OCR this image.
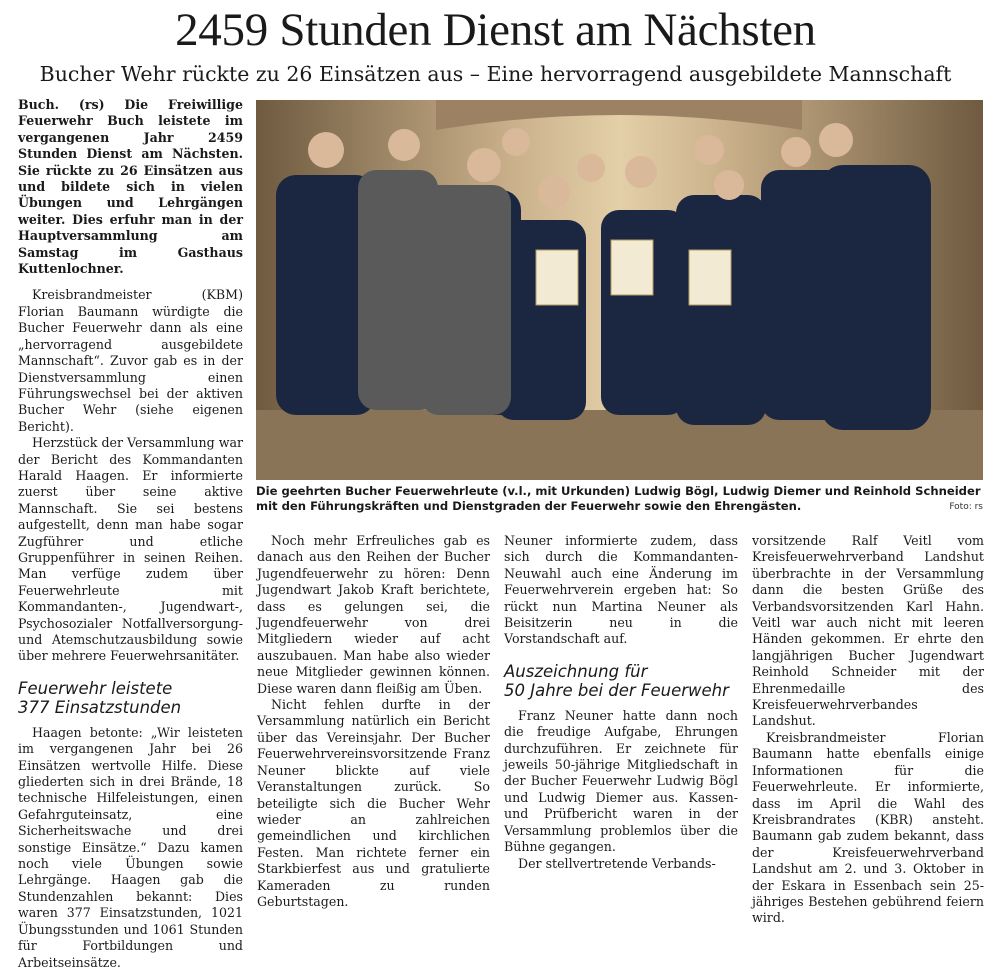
2459 Stunden Dienst am Nächsten
Bucher Wehr rückte zu 26 Einsätzen aus – Eine hervorragend ausgebildete Mannschaft

Buch. (rs) Die Freiwillige Feuerwehr Buch leistete im vergangenen Jahr 2459 Stunden Dienst am Nächsten. Sie rückte zu 26 Einsätzen aus und bildete sich in vielen Übungen und Lehrgängen weiter. Dies erfuhr man in der Hauptversammlung am Samstag im Gasthaus Kuttenlochner.

Kreisbrandmeister (KBM) Florian Baumann würdigte die Bucher Feuerwehr dann als eine „hervorragend ausgebildete Mannschaft“. Zuvor gab es in der Dienstversammlung einen Führungswechsel bei der aktiven Bucher Wehr (siehe eigenen Bericht).

Herzstück der Versammlung war der Bericht des Kommandanten Harald Haagen. Er informierte zuerst über seine aktive Mannschaft. Sie sei bestens aufgestellt, denn man habe sogar Zugführer und etliche Gruppenführer in seinen Reihen. Man verfüge zudem über Feuerwehrleute mit Kommandanten-, Jugendwart-, Psychosozialer Notfallversorgung- und Atemschutzausbildung sowie über mehrere Feuerwehrsanitäter.

Feuerwehr leistete
377 Einsatzstunden

Haagen betonte: „Wir leisteten im vergangenen Jahr bei 26 Einsätzen wertvolle Hilfe. Diese gliederten sich in drei Brände, 18 technische Hilfeleistungen, einen Gefahrguteinsatz, eine Sicherheitswache und drei sonstige Einsätze.“ Dazu kamen noch viele Übungen sowie Lehrgänge. Haagen gab die Stundenzahlen bekannt: Dies waren 377 Einsatzstunden, 1021 Übungsstunden und 1061 Stunden für Fortbildungen und Arbeitseinsätze.

Die geehrten Bucher Feuerwehrleute (v.l., mit Urkunden) Ludwig Bögl, Ludwig Diemer und Reinhold Schneider mit den Führungskräften und Dienstgraden der Feuerwehr sowie den Ehrengästen.	Foto: rs

Noch mehr Erfreuliches gab es danach aus den Reihen der Bucher Jugendfeuerwehr zu hören: Denn Jugendwart Jakob Kraft berichtete, dass es gelungen sei, die Jugendfeuerwehr von drei Mitgliedern wieder auf acht auszubauen. Man habe also wieder neue Mitglieder gewinnen können. Diese waren dann fleißig am Üben.

Nicht fehlen durfte in der Versammlung natürlich ein Bericht über das Vereinsjahr. Der Bucher Feuerwehrvereinsvorsitzende Franz Neuner blickte auf viele Veranstaltungen zurück. So beteiligte sich die Bucher Wehr wieder an zahlreichen gemeindlichen und kirchlichen Festen. Man richtete ferner ein Starkbierfest aus und gratulierte Kameraden zu runden Geburtstagen.

Neuner informierte zudem, dass sich durch die Kommandanten-Neuwahl auch eine Änderung im Feuerwehrverein ergeben hat: So rückt nun Martina Neuner als Beisitzerin neu in die Vorstandschaft auf.

Auszeichnung für
50 Jahre bei der Feuerwehr

Franz Neuner hatte dann noch die freudige Aufgabe, Ehrungen durchzuführen. Er zeichnete für jeweils 50-jährige Mitgliedschaft in der Bucher Feuerwehr Ludwig Bögl und Ludwig Diemer aus. Kassen- und Prüfbericht waren in der Versammlung problemlos über die Bühne gegangen.

Der stellvertretende Verbands-

vorsitzende Ralf Veitl vom Kreisfeuerwehrverband Landshut überbrachte in der Versammlung dann die besten Grüße des Verbandsvorsitzenden Karl Hahn. Veitl war auch nicht mit leeren Händen gekommen. Er ehrte den langjährigen Bucher Jugendwart Reinhold Schneider mit der Ehrenmedaille des Kreisfeuerwehrverbandes Landshut.

Kreisbrandmeister Florian Baumann hatte ebenfalls einige Informationen für die Feuerwehrleute. Er informierte, dass im April die Wahl des Kreisbrandrates (KBR) ansteht. Baumann gab zudem bekannt, dass der Kreisfeuerwehrverband Landshut am 2. und 3. Oktober in der Eskara in Essenbach sein 25-jähriges Bestehen gebührend feiern wird.
